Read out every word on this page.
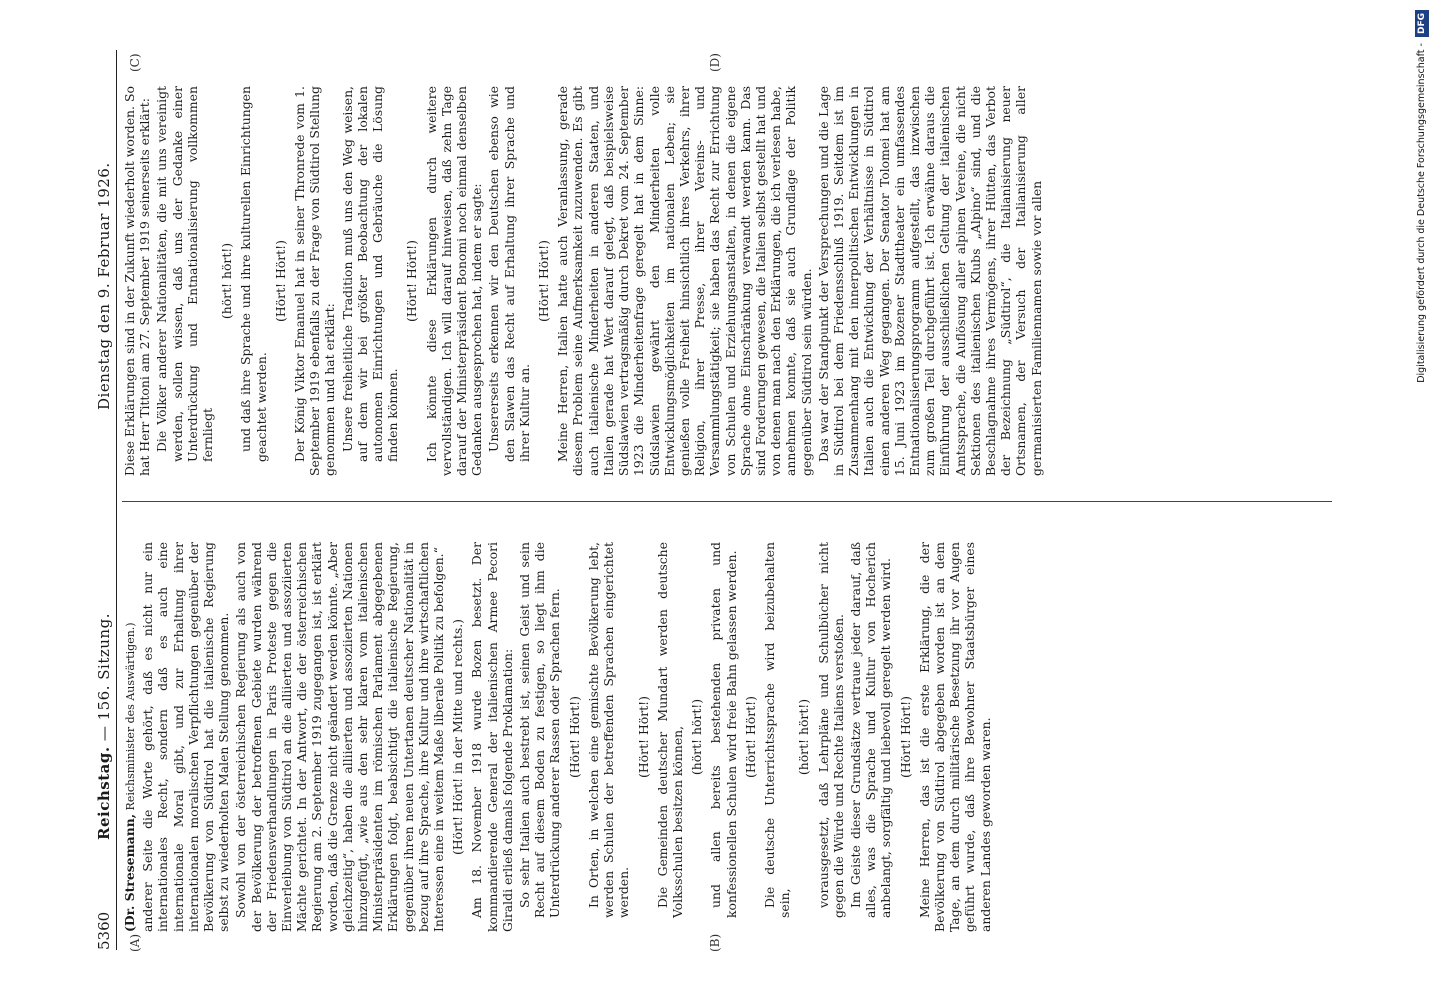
5360
Reichstag. — 156. Sitzung.
Dienstag den 9. Februar 1926.
(A)	(B)
(C)	(D)

(Dr. Stresemann, Reichsminister des Auswärtigen.) anderer Seite die Worte gehört, daß es nicht nur ein internationales Recht, sondern daß es auch eine internationale Moral gibt, und zur Erhaltung ihrer internationalen moralischen Verpflichtungen gegenüber der Bevölkerung von Südtirol hat die italienische Regierung selbst zu wiederholten Malen Stellung genommen. Sowohl von der österreichischen Regierung als auch von der Bevölkerung der betroffenen Gebiete wurden während der Friedensverhandlungen in Paris Proteste gegen die Einverleibung von Südtirol an die alliierten und assoziierten Mächte gerichtet. In der Antwort, die der österreichischen Regierung am 2. September 1919 zugegangen ist, ist erklärt worden, daß die Grenze nicht geändert werden könnte. „Aber gleichzeitig“, haben die alliierten und assoziierten Nationen hinzugefügt, „wie aus den sehr klaren vom italienischen Ministerpräsidenten im römischen Parlament abgegebenen Erklärungen folgt, beabsichtigt die italienische Regierung, gegenüber ihren neuen Untertanen deutscher Nationalität in bezug auf ihre Sprache, ihre Kultur und ihre wirtschaftlichen Interessen eine in weitem Maße liberale Politik zu befolgen.“ (Hört! Hört! in der Mitte und rechts.) Am 18. November 1918 wurde Bozen besetzt. Der kommandierende General der italienischen Armee Pecori Giraldi erließ damals folgende Proklamation: So sehr Italien auch bestrebt ist, seinen Geist und sein Recht auf diesem Boden zu festigen, so liegt ihm die Unterdrückung anderer Rassen oder Sprachen fern. (Hört! Hört!) In Orten, in welchen eine gemischte Bevölkerung lebt, werden Schulen der betreffenden Sprachen eingerichtet werden.

(Hört! Hört!) Die Gemeinden deutscher Mundart werden deutsche Volksschulen besitzen können, (hört! hört!) und allen bereits bestehenden privaten und konfessionellen Schulen wird freie Bahn gelassen werden. (Hört! Hört!) Die deutsche Unterrichtssprache wird beizubehalten sein,

(hört! hört!) vorausgesetzt, daß Lehrpläne und Schulbücher nicht gegen die Würde und Rechte Italiens verstoßen. Im Geiste dieser Grundsätze vertraue jeder darauf, daß alles, was die Sprache und Kultur von Hocherich anbelangt, sorgfältig und liebevoll geregelt werden wird. (Hört! Hört!) Meine Herren, das ist die erste Erklärung, die der Bevölkerung von Südtirol abgegeben worden ist an dem Tage, an dem durch militärische Besetzung ihr vor Augen geführt wurde, daß ihre Bewohner Staatsbürger eines anderen Landes geworden waren.

Diese Erklärungen sind in der Zukunft wiederholt worden. So hat Herr Tittoni am 27. September 1919 seinerseits erklärt: Die Völker anderer Nationalitäten, die mit uns vereinigt werden, sollen wissen, daß uns der Gedanke einer Unterdrückung und Entnationalisierung vollkommen fernliegt

(hört! hört!) und daß ihre Sprache und ihre kulturellen Einrichtungen geachtet werden.

(Hört! Hört!) Der König Viktor Emanuel hat in seiner Thronrede vom 1. September 1919 ebenfalls zu der Frage von Südtirol Stellung genommen und hat erklärt: Unsere freiheitliche Tradition muß uns den Weg weisen, auf dem wir bei größter Beobachtung der lokalen autonomen Einrichtungen und Gebräuche die Lösung finden können.

(Hört! Hört!) Ich könnte diese Erklärungen durch weitere vervollständigen. Ich will darauf hinweisen, daß zehn Tage darauf der Ministerpräsident Bonomi noch einmal denselben Gedanken ausgesprochen hat, indem er sagte: Unsererseits erkennen wir den Deutschen ebenso wie den Slawen das Recht auf Erhaltung ihrer Sprache und ihrer Kultur an.

(Hört! Hört!) Meine Herren, Italien hatte auch Veranlassung, gerade diesem Problem seine Aufmerksamkeit zuzuwenden. Es gibt auch italienische Minderheiten in anderen Staaten, und Italien gerade hat Wert darauf gelegt, daß beispielsweise Südslawien vertragsmäßig durch Dekret vom 24. September 1923 die Minderheitenfrage geregelt hat in dem Sinne: Südslawien gewährt den Minderheiten volle Entwicklungsmöglichkeiten im nationalen Leben; sie genießen volle Freiheit hinsichtlich ihres Verkehrs, ihrer Religion, ihrer Presse, ihrer Vereins- und Versammlungstätigkeit; sie haben das Recht zur Errichtung von Schulen und Erziehungsanstalten, in denen die eigene Sprache ohne Einschränkung verwandt werden kann. Das sind Forderungen gewesen, die Italien selbst gestellt hat und von denen man nach den Erklärungen, die ich verlesen habe, annehmen konnte, daß sie auch Grundlage der Politik gegenüber Südtirol sein würden. Das war der Standpunkt der Versprechungen und die Lage in Südtirol bei dem Friedensschluß 1919. Seitdem ist im Zusammenhang mit den innerpolitischen Entwicklungen in Italien auch die Entwicklung der Verhältnisse in Südtirol einen anderen Weg gegangen. Der Senator Tolomei hat am 15. Juni 1923 im Bozener Stadttheater ein umfassendes Entnationalisierungsprogramm aufgestellt, das inzwischen zum großen Teil durchgeführt ist. Ich erwähne daraus die Einführung der ausschließlichen Geltung der italienischen Amtssprache, die Auflösung aller alpinen Vereine, die nicht Sektionen des italienischen Klubs „Alpino“ sind, und die Beschlagnahme ihres Vermögens, ihrer Hütten, das Verbot der Bezeichnung „Südtirol“, die Italianisierung neuer Ortsnamen, der Versuch der Italianisierung aller germanisierten Familiennamen sowie vor allen	Digitalisierung gefördert durch die Deutsche Forschungsgemeinschaft - DFG
